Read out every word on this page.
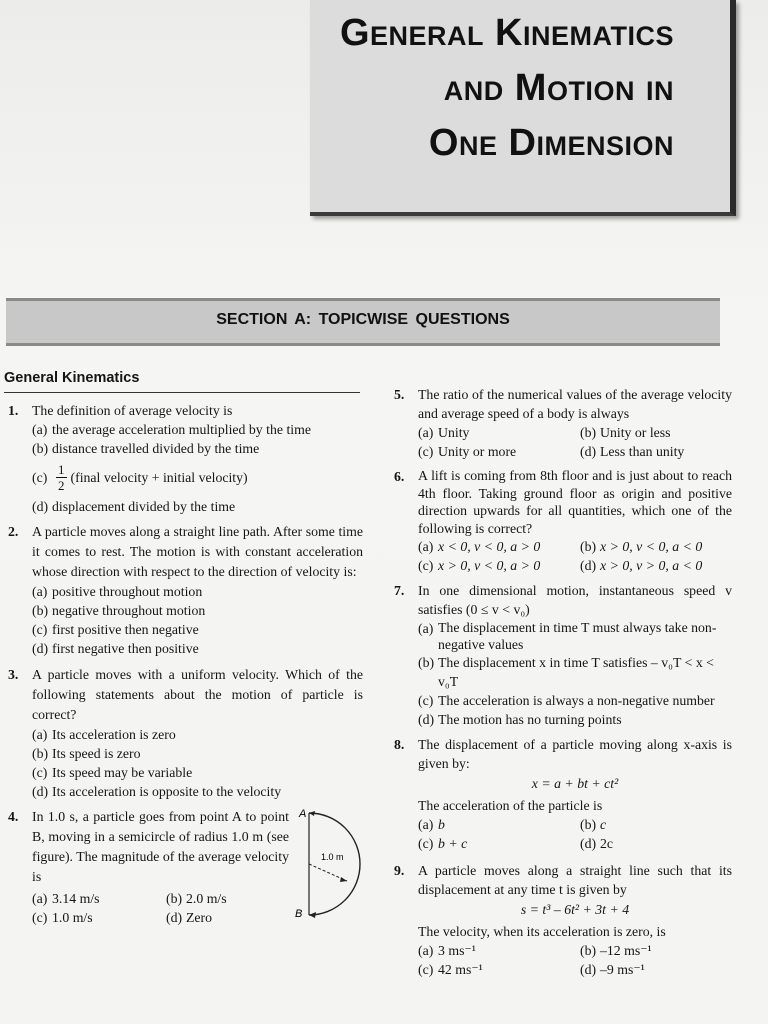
General Kinematics
and Motion in
One Dimension
SECTION A: TOPICWISE QUESTIONS
General Kinematics
1. The definition of average velocity is
(a) the average acceleration multiplied by the time
(b) distance travelled divided by the time
$(c) \frac{1}{2}$ (final velocity + initial velocity)
(d) displacement divided by the time
2. A particle moves along a straight line path. After some time it comes to rest. The motion is with constant acceleration whose direction with respect to the direction of velocity is:
(a) positive throughout motion
(b) negative throughout motion
(c) first positive then negative
(d) first negative then positive
3. A particle moves with a uniform velocity. Which of the following statements about the motion of particle is correct?
(a) Its acceleration is zero
(b) Its speed is zero
(c) Its speed may be variable
(d) Its acceleration is opposite to the velocity
4. In 1.0 s, a particle goes from point A to point B, moving in a semicircle of radius 1.0 m (see figure). The magnitude of the average velocity is
A
B
1.0 m
(a) 3.14 m/s	(b) 2.0 m/s
(c) 1.0 m/s	(d) Zero
5. The ratio of the numerical values of the average velocity and average speed of a body is always
(a) Unity	(b) Unity or less
(c) Unity or more	(d) Less than unity
6. A lift is coming from 8th floor and is just about to reach 4th floor. Taking ground floor as origin and positive direction upwards for all quantities, which one of the following is correct?
(a) x < 0, v < 0, a > 0	(b) x > 0, v < 0, a < 0
(c) x > 0, v < 0, a > 0	(d) x > 0, v > 0, a < 0
7. In one dimensional motion, instantaneous speed v satisfies (0 ≤ v < v₀)
(a) The displacement in time T must always take non-negative values
(b) The displacement x in time T satisfies – v₀T < x < v₀T
(c) The acceleration is always a non-negative number
(d) The motion has no turning points
8. The displacement of a particle moving along x-axis is given by:
x = a + bt + ct²
The acceleration of the particle is
(a) b	(b) c
(c) b + c	(d) 2c
9. A particle moves along a straight line such that its displacement at any time t is given by
s = t³ – 6t² + 3t + 4
The velocity, when its acceleration is zero, is
(a) 3 ms⁻¹	(b) –12 ms⁻¹
(c) 42 ms⁻¹	(d) –9 ms⁻¹
